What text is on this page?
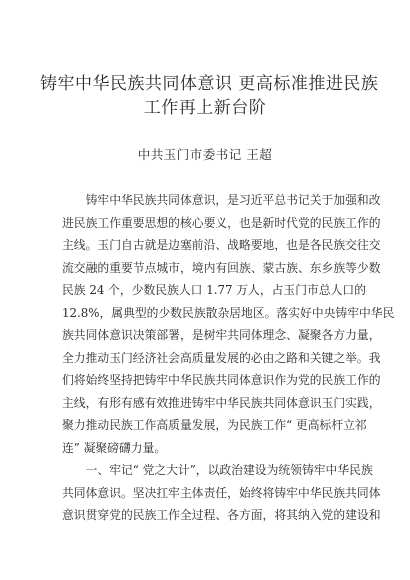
铸牢中华民族共同体意识 更高标准推进民族
工作再上新台阶
中共玉门市委书记 王超
　　铸牢中华民族共同体意识，是习近平总书记关于加强和改
进民族工作重要思想的核心要义，也是新时代党的民族工作的
主线。玉门自古就是边塞前沿、战略要地，也是各民族交往交
流交融的重要节点城市，境内有回族、蒙古族、东乡族等少数
民族 24 个，少数民族人口 1.77 万人，占玉门市总人口的
12.8%，属典型的少数民族散杂居地区。落实好中央铸牢中华民
族共同体意识决策部署，是树牢共同体理念、凝聚各方力量，
全力推动玉门经济社会高质量发展的必由之路和关键之举。我
们将始终坚持把铸牢中华民族共同体意识作为党的民族工作的
主线，有形有感有效推进铸牢中华民族共同体意识玉门实践，
聚力推动民族工作高质量发展，为民族工作“ 更高标杆立祁
连” 凝聚磅礴力量。
　　一、牢记“ 党之大计”，以政治建设为统领铸牢中华民族
共同体意识。坚决扛牢主体责任，始终将铸牢中华民族共同体
意识贯穿党的民族工作全过程、各方面，将其纳入党的建设和
